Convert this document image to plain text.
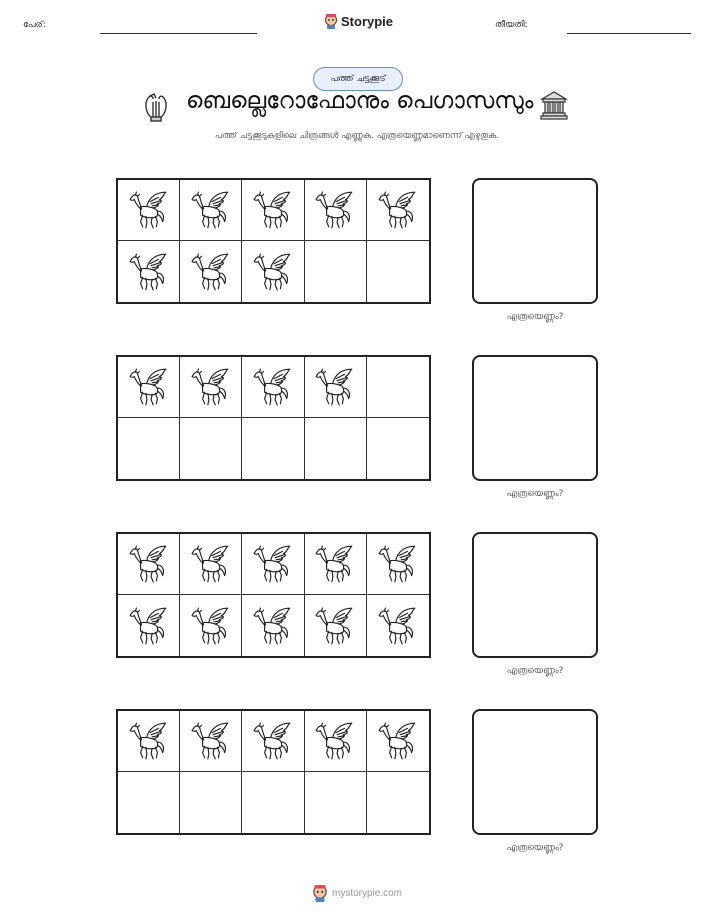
പേര്:	Storypie	തീയതി:
പത്ത് ചട്ടക്കൂട്
ബെല്ലെറോഫോനും പെഗാസസും
പത്ത് ചട്ടക്കൂടുകളിലെ ചിത്രങ്ങൾ എണ്ണുക. എത്രയെണ്ണമാണെന്ന് എഴുതുക.
എത്രയെണ്ണം?
എത്രയെണ്ണം?
എത്രയെണ്ണം?
എത്രയെണ്ണം?
mystorypie.com
